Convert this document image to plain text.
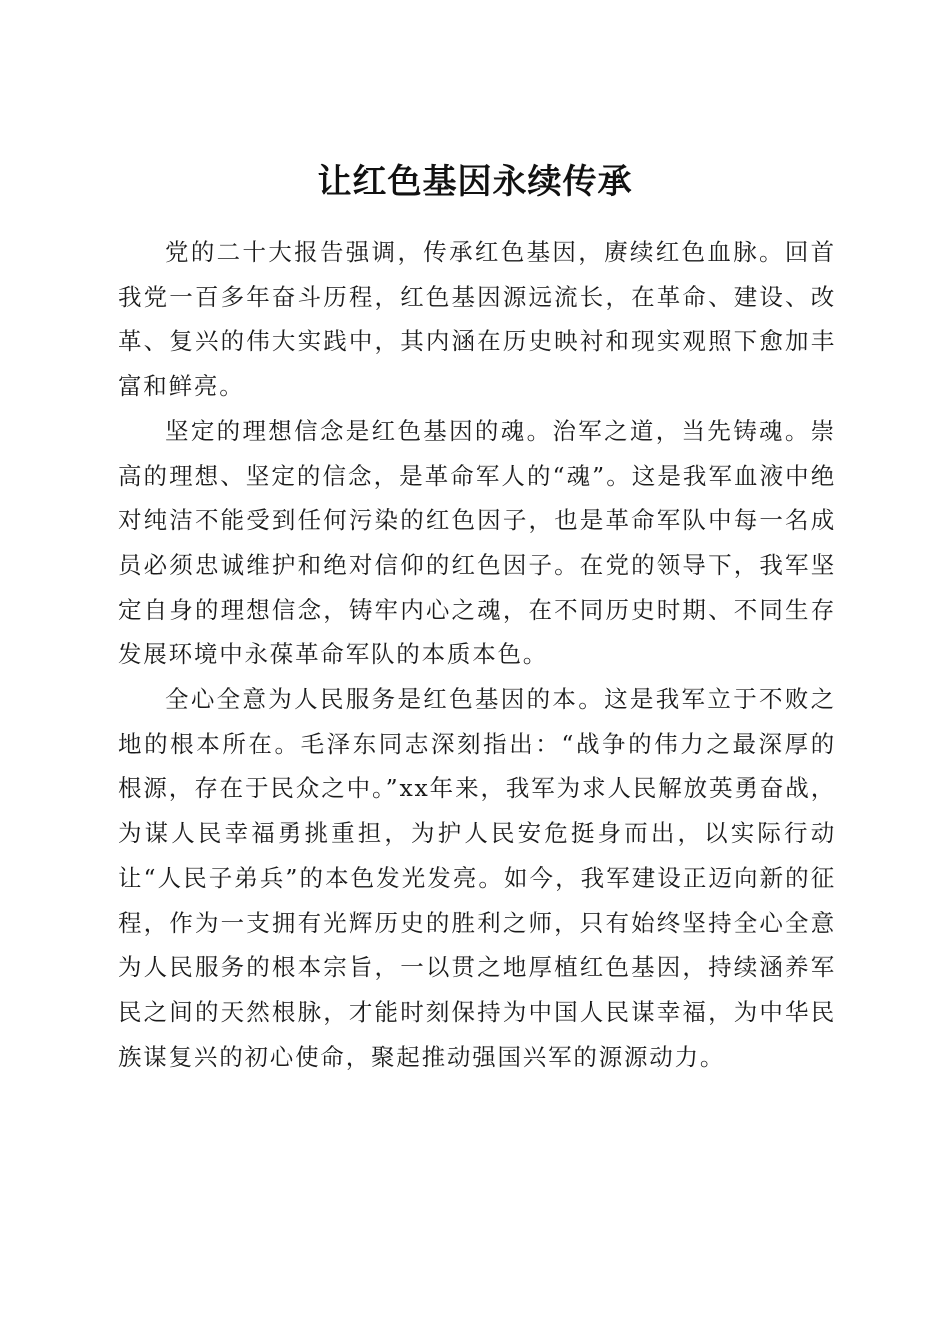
让红色基因永续传承

党的二十大报告强调，传承红色基因，赓续红色血脉。回首我党一百多年奋斗历程，红色基因源远流长，在革命、建设、改革、复兴的伟大实践中，其内涵在历史映衬和现实观照下愈加丰富和鲜亮。

坚定的理想信念是红色基因的魂。治军之道，当先铸魂。崇高的理想、坚定的信念，是革命军人的“魂”。这是我军血液中绝对纯洁不能受到任何污染的红色因子，也是革命军队中每一名成员必须忠诚维护和绝对信仰的红色因子。在党的领导下，我军坚定自身的理想信念，铸牢内心之魂，在不同历史时期、不同生存发展环境中永葆革命军队的本质本色。

全心全意为人民服务是红色基因的本。这是我军立于不败之地的根本所在。毛泽东同志深刻指出：“战争的伟力之最深厚的根源，存在于民众之中。”xx年来，我军为求人民解放英勇奋战，为谋人民幸福勇挑重担，为护人民安危挺身而出，以实际行动让“人民子弟兵”的本色发光发亮。如今，我军建设正迈向新的征程，作为一支拥有光辉历史的胜利之师，只有始终坚持全心全意为人民服务的根本宗旨，一以贯之地厚植红色基因，持续涵养军民之间的天然根脉，才能时刻保持为中国人民谋幸福，为中华民族谋复兴的初心使命，聚起推动强国兴军的源源动力。
